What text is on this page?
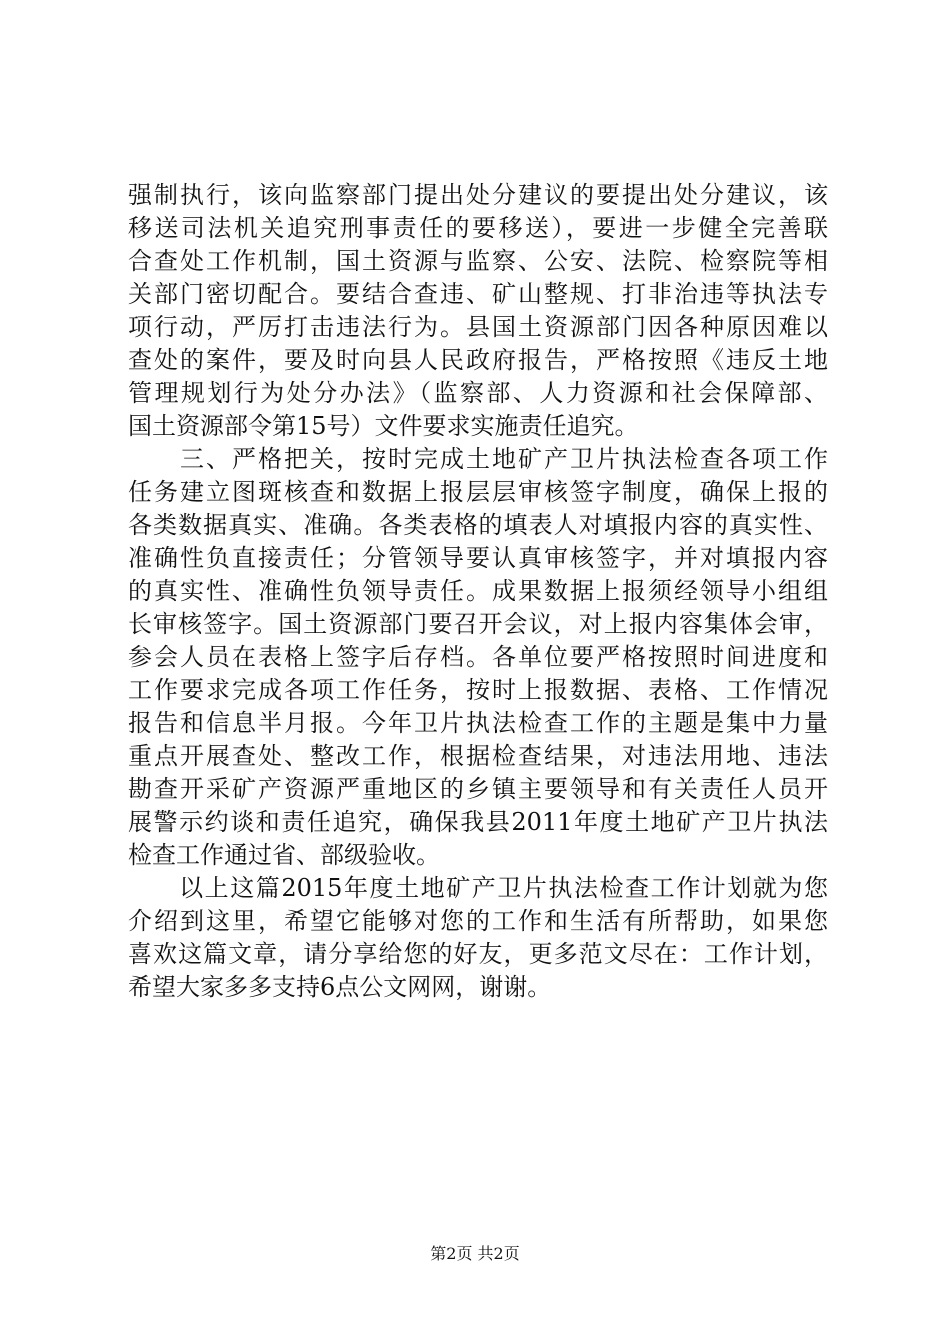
强制执行，该向监察部门提出处分建议的要提出处分建议，该
移送司法机关追究刑事责任的要移送），要进一步健全完善联
合查处工作机制，国土资源与监察、公安、法院、检察院等相
关部门密切配合。要结合查违、矿山整规、打非治违等执法专
项行动，严厉打击违法行为。县国土资源部门因各种原因难以
查处的案件，要及时向县人民政府报告，严格按照《违反土地
管理规划行为处分办法》（监察部、人力资源和社会保障部、
国土资源部令第15号）文件要求实施责任追究。
　　三、严格把关，按时完成土地矿产卫片执法检查各项工作
任务建立图斑核查和数据上报层层审核签字制度，确保上报的
各类数据真实、准确。各类表格的填表人对填报内容的真实性、
准确性负直接责任；分管领导要认真审核签字，并对填报内容
的真实性、准确性负领导责任。成果数据上报须经领导小组组
长审核签字。国土资源部门要召开会议，对上报内容集体会审，
参会人员在表格上签字后存档。各单位要严格按照时间进度和
工作要求完成各项工作任务，按时上报数据、表格、工作情况
报告和信息半月报。今年卫片执法检查工作的主题是集中力量
重点开展查处、整改工作，根据检查结果，对违法用地、违法
勘查开采矿产资源严重地区的乡镇主要领导和有关责任人员开
展警示约谈和责任追究，确保我县2011年度土地矿产卫片执法
检查工作通过省、部级验收。
　　以上这篇2015年度土地矿产卫片执法检查工作计划就为您
介绍到这里，希望它能够对您的工作和生活有所帮助，如果您
喜欢这篇文章，请分享给您的好友，更多范文尽在：工作计划，
希望大家多多支持6点公文网网，谢谢。
第2页 共2页
